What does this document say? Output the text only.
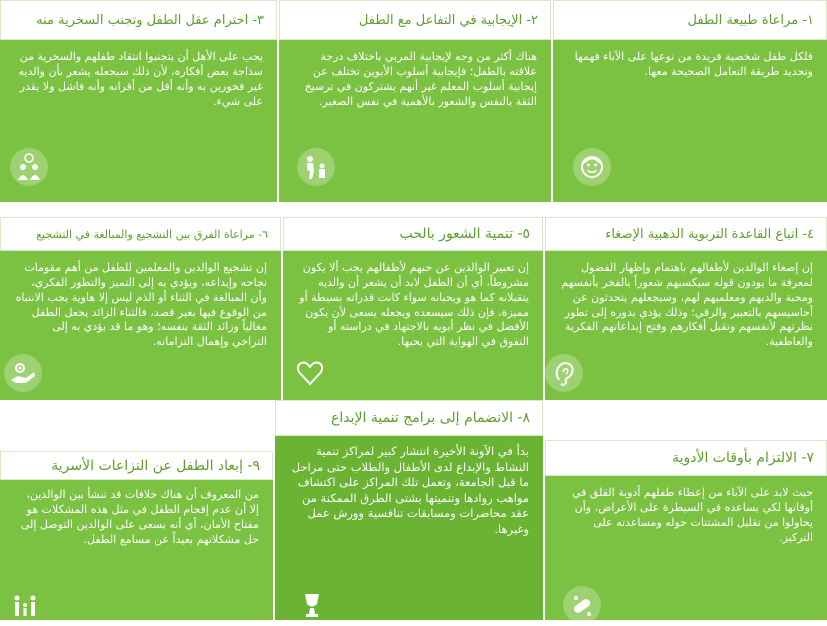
١- مراعاة طبيعة الطفل
فلكل طفل شخصية فريدة من نوعها على الآباء فهمها وتحديد طريقة التعامل الصحيحة معها.
٢- الإيجابية في التفاعل مع الطفل
هناك أكثر من وجه لإيجابية المربي باختلاف درجة علاقته بالطفل؛ فإيجابية أسلوب الأبوين تختلف عن إيجابية أسلوب المعلم غير أنهم يشتركون في ترسيخ الثقة بالنفس والشعور بالأهمية في نفس الصغير.
٣- احترام عقل الطفل وتجنب السخرية منه
يجب على الأهل أن يتجنبوا انتقاد طفلهم والسخرية من سذاجة بعض أفكاره، لأن ذلك سيجعله يشعر بأن والديه غير فخورين به وأنه أقل من أقرانه وأنه فاشل ولا يقدر على شيء.
٤- اتباع القاعدة التربوية الذهبية الإصغاء
إن إصغاء الوالدين لأطفالهم باهتمام وإظهار الفضول لمعرفة ما يودون قوله سيكسبهم شعوراً بالفخر بأنفسهم ومحبة والديهم ومعلميهم لهم، وسيجعلهم يتحدثون عن أحاسيسهم بالتعبير والرقي؛ وذلك يؤدي بدوره إلى تطور نظرتهم لأنفسهم وتقبل أفكارهم وفتح إبداعاتهم الفكرية والعاطفية.
٥- تنمية الشعور بالحب
إن تعبير الوالدين عن حبهم لأطفالهم يجب ألا يكون مشروطاً، أي أن الطفل لابد أن يشعر أن والديه يتقبلانه كما هو ويحبانه سواء كانت قدراته بسيطة أو مميزة، فإن ذلك سيسعده ويجعله يسعى لأن يكون الأفضل في نظر أبويه بالاجتهاد في دراسته أو التفوق في الهواية التي يحبها.
٦- مراعاة الفرق بين التشجيع والمبالغة في التشجيع
إن تشجيع الوالدين والمعلمين للطفل من أهم مقومات نجاحه وإبداعه، ويؤدي به إلى التميز والتطور الفكري، وأن المبالغة في الثناء أو الذم ليس إلا هاوية يجب الانتباه من الوقوع فيها بغير قصد، فالثناء الزائد يجعل الطفل مغالياً وزائد الثقة بنفسه؛ وهو ما قد يؤدي به إلى التراخي وإهمال التزاماته.
٧- الالتزام بأوقات الأدوية
حيث لابد على الآباء من إعطاء طفلهم أدوية القلق في أوقاتها لكي يساعده في السيطرة على الأعراض، وأن يحاولوا من تقليل المشتتات حوله ومساعدته على التركيز.
٨- الانضمام إلى برامج تنمية الإبداع
بدأ في الآونة الأخيرة انتشار كبير لمراكز تنمية النشاط والإبداع لدى الأطفال والطلاب حتى مراحل ما قبل الجامعة، وتعمل تلك المراكز على اكتشاف مواهب روادها وتنميتها بشتى الطرق الممكنة من عقد محاضرات ومسابقات تنافسية وورش عمل وغيرها.
٩- إبعاد الطفل عن النزاعات الأسرية
من المعروف أن هناك خلافات قد تنشأ بين الوالدين، إلا أن عدم إقحام الطفل في مثل هذه المشكلات هو مفتاح الأمان، أي أنه يسعى على الوالدين التوصل إلى حل مشكلاتهم بعيداً عن مسامع الطفل.
